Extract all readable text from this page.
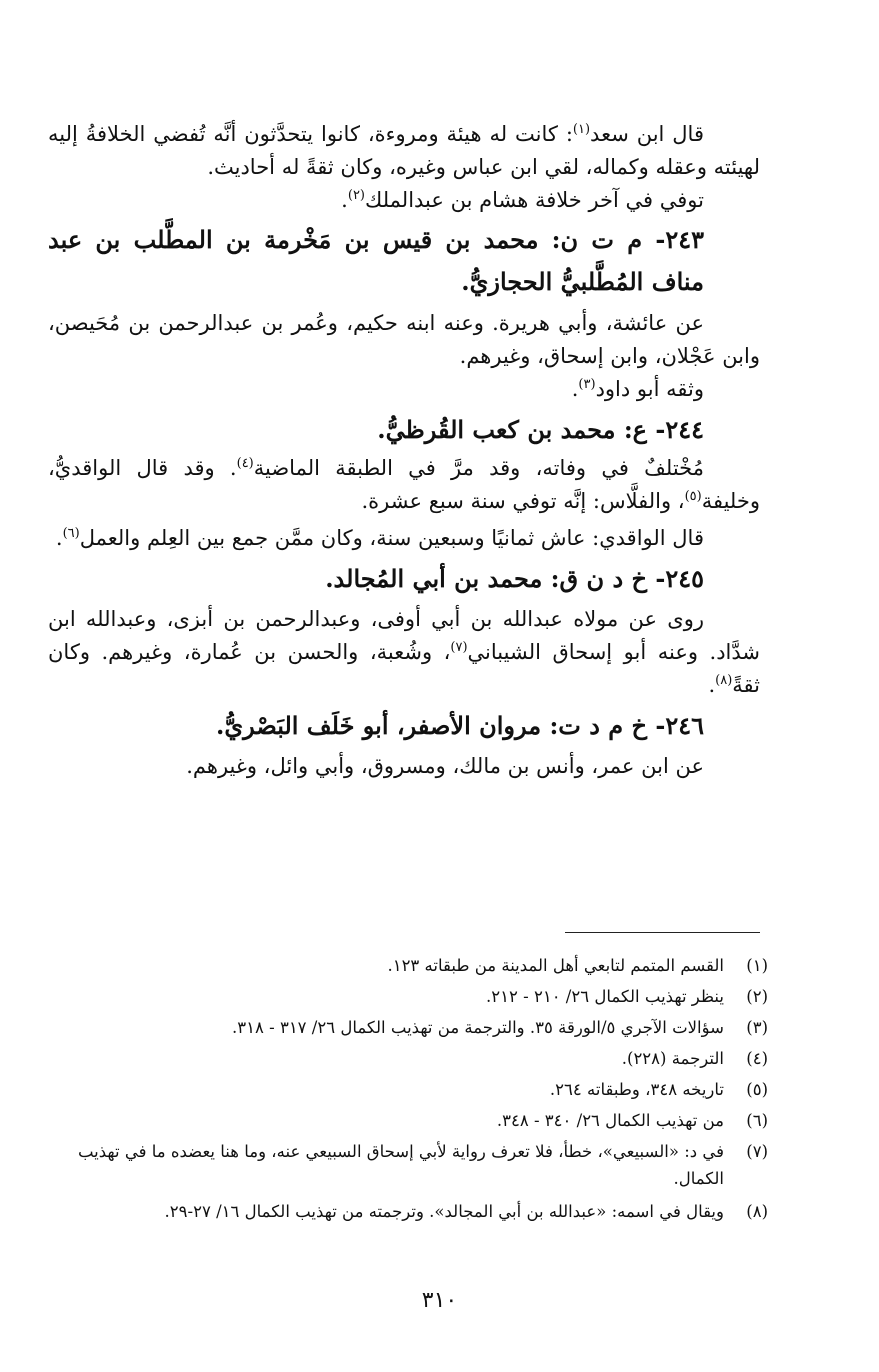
قال ابن سعد$^{(١)}$: كانت له هيئة ومروءة، كانوا يتحدَّثون أنَّه تُفضي الخلافةُ إليه لهيئته وعقله وكماله، لقي ابن عباس وغيره، وكان ثقةً له أحاديث.

توفي في آخر خلافة هشام بن عبدالملك$^{(٢)}$.

٢٤٣- م ت ن: محمد بن قيس بن مَخْرمة بن المطَّلب بن عبد مناف المُطَّلبيُّ الحجازيُّ.

عن عائشة، وأبي هريرة. وعنه ابنه حكيم، وعُمر بن عبدالرحمن بن مُحَيصن، وابن عَجْلان، وابن إسحاق، وغيرهم.

وثقه أبو داود$^{(٣)}$.

٢٤٤- ع: محمد بن كعب القُرظيُّ.

مُخْتلفٌ في وفاته، وقد مرَّ في الطبقة الماضية$^{(٤)}$. وقد قال الواقديُّ، وخليفة$^{(٥)}$، والفلَّاس: إنَّه توفي سنة سبع عشرة.

قال الواقدي: عاش ثمانيًا وسبعين سنة، وكان ممَّن جمع بين العِلم والعمل$^{(٦)}$.

٢٤٥- خ د ن ق: محمد بن أبي المُجالد.

روى عن مولاه عبدالله بن أبي أوفى، وعبدالرحمن بن أبزى، وعبدالله ابن شدَّاد. وعنه أبو إسحاق الشيباني$^{(٧)}$، وشُعبة، والحسن بن عُمارة، وغيرهم. وكان ثقةً$^{(٨)}$.

٢٤٦- خ م د ت: مروان الأصفر، أبو خَلَف البَصْريُّ.

عن ابن عمر، وأنس بن مالك، ومسروق، وأبي وائل، وغيرهم.

(١)
القسم المتمم لتابعي أهل المدينة من طبقاته ١٢٣.
(٢)
ينظر تهذيب الكمال ٢٦/ ٢١٠ - ٢١٢.
(٣)
سؤالات الآجري ٥/الورقة ٣٥. والترجمة من تهذيب الكمال ٢٦/ ٣١٧ - ٣١٨.
(٤)
الترجمة (٢٢٨).
(٥)
تاريخه ٣٤٨، وطبقاته ٢٦٤.
(٦)
من تهذيب الكمال ٢٦/ ٣٤٠ - ٣٤٨.
(٧)
في د: «السبيعي»، خطأ، فلا تعرف رواية لأبي إسحاق السبيعي عنه، وما هنا يعضده ما في تهذيب الكمال.
(٨)
ويقال في اسمه: «عبدالله بن أبي المجالد». وترجمته من تهذيب الكمال ١٦/ ٢٧-٢٩.
٣١٠
